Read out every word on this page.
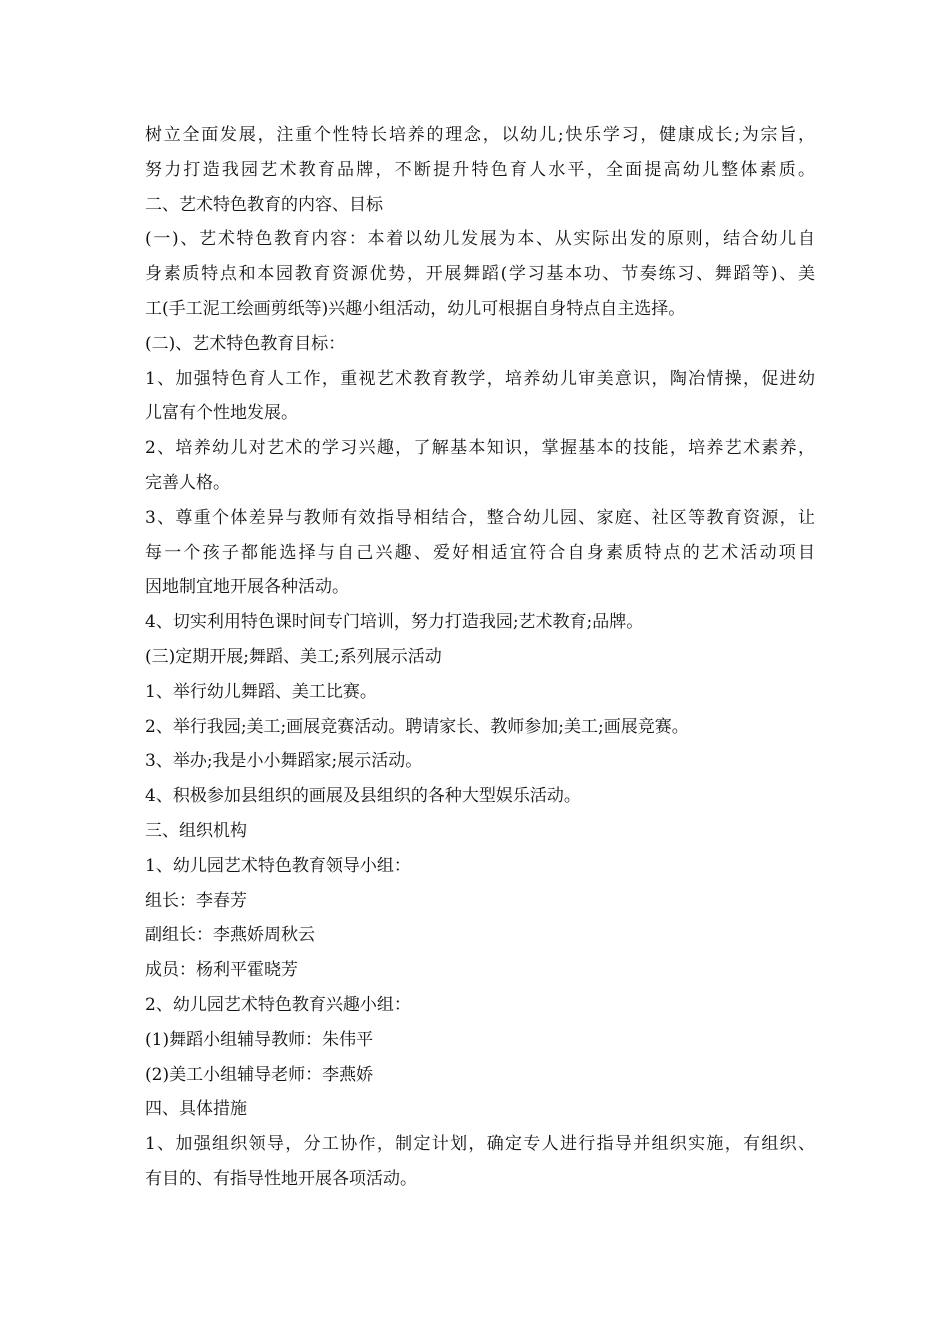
树立全面发展，注重个性特长培养的理念，以幼儿;快乐学习，健康成长;为宗旨，
努力打造我园艺术教育品牌，不断提升特色育人水平，全面提高幼儿整体素质。
二、艺术特色教育的内容、目标
(一)、艺术特色教育内容：本着以幼儿发展为本、从实际出发的原则，结合幼儿自
身素质特点和本园教育资源优势，开展舞蹈(学习基本功、节奏练习、舞蹈等)、美
工(手工泥工绘画剪纸等)兴趣小组活动，幼儿可根据自身特点自主选择。
(二)、艺术特色教育目标：
1、加强特色育人工作，重视艺术教育教学，培养幼儿审美意识，陶冶情操，促进幼
儿富有个性地发展。
2、培养幼儿对艺术的学习兴趣，了解基本知识，掌握基本的技能，培养艺术素养，
完善人格。
3、尊重个体差异与教师有效指导相结合，整合幼儿园、家庭、社区等教育资源，让
每一个孩子都能选择与自己兴趣、爱好相适宜符合自身素质特点的艺术活动项目
因地制宜地开展各种活动。
4、切实利用特色课时间专门培训，努力打造我园;艺术教育;品牌。
(三)定期开展;舞蹈、美工;系列展示活动
1、举行幼儿舞蹈、美工比赛。
2、举行我园;美工;画展竞赛活动。聘请家长、教师参加;美工;画展竞赛。
3、举办;我是小小舞蹈家;展示活动。
4、积极参加县组织的画展及县组织的各种大型娱乐活动。
三、组织机构
1、幼儿园艺术特色教育领导小组：
组长：李春芳
副组长：李燕娇周秋云
成员：杨利平霍晓芳
2、幼儿园艺术特色教育兴趣小组：
(1)舞蹈小组辅导教师：朱伟平
(2)美工小组辅导老师：李燕娇
四、具体措施
1、加强组织领导，分工协作，制定计划，确定专人进行指导并组织实施，有组织、
有目的、有指导性地开展各项活动。
